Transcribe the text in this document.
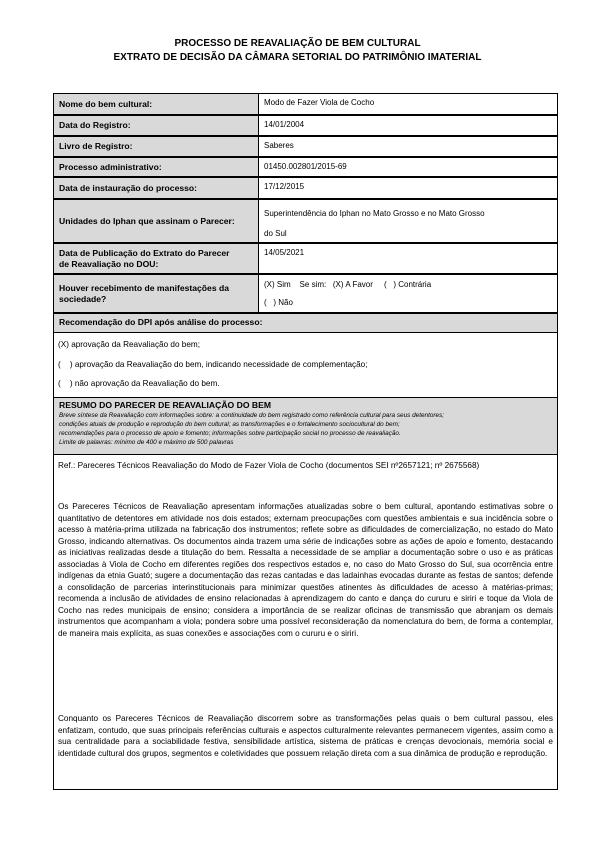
PROCESSO DE REAVALIAÇÃO DE BEM CULTURAL
EXTRATO DE DECISÃO DA CÂMARA SETORIAL DO PATRIMÔNIO IMATERIAL
Nome do bem cultural:	Modo de Fazer Viola de Cocho
Data do Registro:	14/01/2004
Livro de Registro:	Saberes
Processo administrativo:	01450.002801/2015-69
Data de instauração do processo:	17/12/2015
Unidades do Iphan que assinam o Parecer:
Superintendência do Iphan no Mato Grosso e no Mato Grosso
do Sul
Data de Publicação do Extrato do Parecer
de Reavaliação no DOU:
14/05/2021
Houver recebimento de manifestações da
sociedade?
(X) Sim    Se sim:   (X) A Favor     (   ) Contrária
(   ) Não
Recomendação do DPI após análise do processo:
(X) aprovação da Reavaliação do bem;
(    ) aprovação da Reavaliação do bem, indicando necessidade de complementação;
(    ) não aprovação da Reavaliação do bem.
RESUMO DO PARECER DE REAVALIAÇÃO DO BEM
Breve síntese da Reavaliação com informações sobre: a continuidade do bem registrado como referência cultural para seus detentores;
condições atuais de produção e reprodução do bem cultural; as transformações e o fortalecimento sociocultural do bem;
recomendações para o processo de apoio e fomento; informações sobre participação social no processo de reavaliação.
Limite de palavras: mínimo de 400 e máximo de 500 palavras
Ref.: Pareceres Técnicos Reavaliação do Modo de Fazer Viola de Cocho (documentos SEI nº2657121; nº 2675568)
Os Pareceres Técnicos de Reavaliação apresentam informações atualizadas sobre o bem cultural, apontando estimativas sobre o quantitativo de detentores em atividade nos dois estados; externam preocupações com questões ambientais e sua incidência sobre o acesso à matéria-prima utilizada na fabricação dos instrumentos; reflete sobre as dificuldades de comercialização, no estado do Mato Grosso, indicando alternativas. Os documentos ainda trazem uma série de indicações sobre as ações de apoio e fomento, destacando as iniciativas realizadas desde a titulação do bem. Ressalta a necessidade de se ampliar a documentação sobre o uso e as práticas associadas à Viola de Cocho em diferentes regiões dos respectivos estados e, no caso do Mato Grosso do Sul, sua ocorrência entre indígenas da etnia Guató; sugere a documentação das rezas cantadas e das ladainhas evocadas durante as festas de santos; defende a consolidação de parcerias interinstitucionais para minimizar questões atinentes às dificuldades de acesso à matérias-primas; recomenda a inclusão de atividades de ensino relacionadas à aprendizagem do canto e dança do cururu e siriri e toque da Viola de Cocho nas redes municipais de ensino; considera a importância de se realizar oficinas de transmissão que abranjam os demais instrumentos que acompanham a viola; pondera sobre uma possível reconsideração da nomenclatura do bem, de forma a contemplar, de maneira mais explícita, as suas conexões e associações com o cururu e o siriri.
Conquanto os Pareceres Técnicos de Reavaliação discorrem sobre as transformações pelas quais o bem cultural passou, eles enfatizam, contudo, que suas principais referências culturais e aspectos culturalmente relevantes permanecem vigentes, assim como a sua centralidade para a sociabilidade festiva, sensibilidade artística, sistema de práticas e crenças devocionais, memória social e identidade cultural dos grupos, segmentos e coletividades que possuem relação direta com a sua dinâmica de produção e reprodução.
